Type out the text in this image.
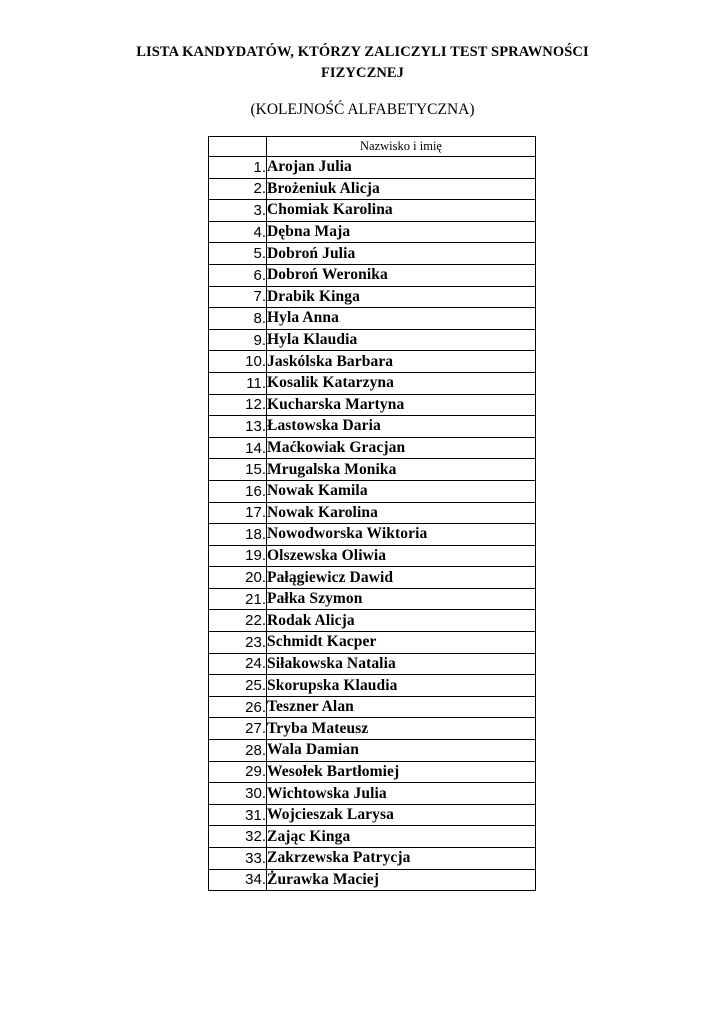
LISTA KANDYDATÓW, KTÓRZY ZALICZYLI TEST SPRAWNOŚCI
FIZYCZNEJ
(KOLEJNOŚĆ ALFABETYCZNA)
	Nazwisko i imię
1.	Arojan Julia
2.	Brożeniuk Alicja
3.	Chomiak Karolina
4.	Dębna Maja
5.	Dobroń Julia
6.	Dobroń Weronika
7.	Drabik Kinga
8.	Hyla Anna
9.	Hyla Klaudia
10.	Jaskólska Barbara
11.	Kosalik Katarzyna
12.	Kucharska Martyna
13.	Łastowska Daria
14.	Maćkowiak Gracjan
15.	Mrugalska Monika
16.	Nowak Kamila
17.	Nowak Karolina
18.	Nowodworska Wiktoria
19.	Olszewska Oliwia
20.	Pałągiewicz Dawid
21.	Pałka Szymon
22.	Rodak Alicja
23.	Schmidt Kacper
24.	Siłakowska Natalia
25.	Skorupska Klaudia
26.	Teszner Alan
27.	Tryba Mateusz
28.	Wala Damian
29.	Wesołek Bartłomiej
30.	Wichtowska Julia
31.	Wojcieszak Larysa
32.	Zając Kinga
33.	Zakrzewska Patrycja
34.	Żurawka Maciej
